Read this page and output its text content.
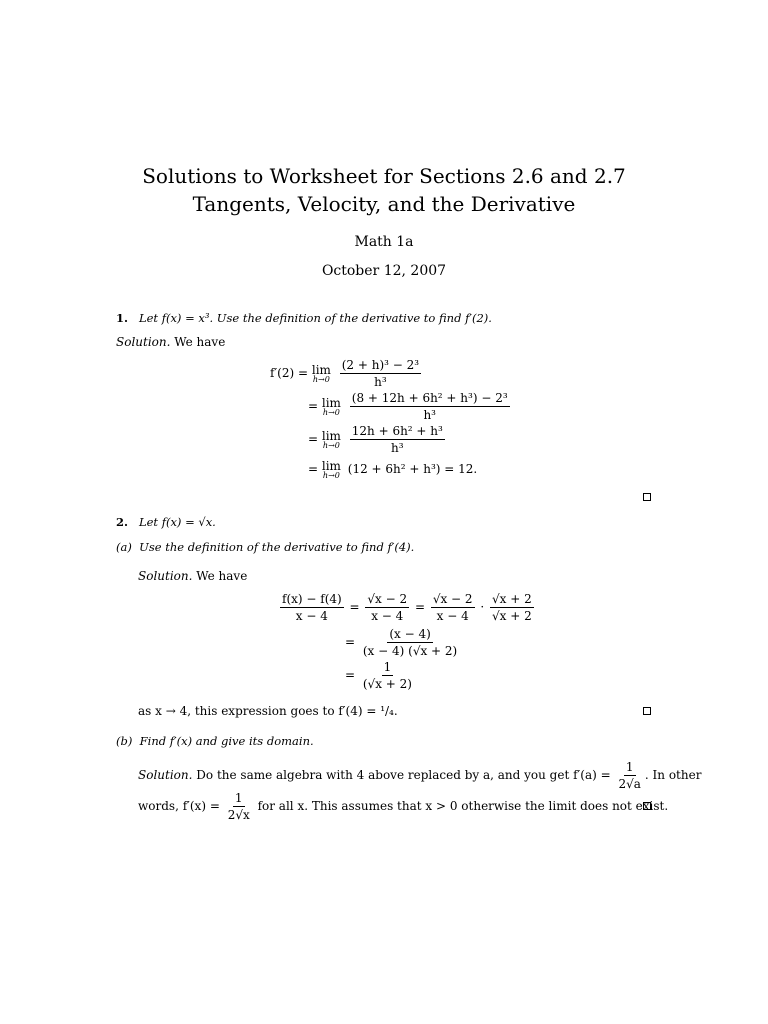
Solutions to Worksheet for Sections 2.6 and 2.7
Tangents, Velocity, and the Derivative
Math 1a
October 12, 2007
1. Let f(x) = x³. Use the definition of the derivative to find f′(2).
Solution. We have
f′(2) = lim
h→0
$\frac{\text{(2 + h)³ − 2³}}{\text{h³}}$
= lim
h→0
$\frac{\text{(8 + 12h + 6h² + h³) − 2³}}{\text{h³}}$
= lim
h→0
$\frac{\text{12h + 6h² + h³}}{\text{h³}}$
= lim
h→0 (12 + 6h² + h³) = 12.
2. Let f(x) = √x.
(a) Use the definition of the derivative to find f′(4).
Solution. We have
$\frac{f(x) - f(4)}{x - 4} = \frac{√x - 2}{x - 4} = \frac{√x - 2}{x - 4} \cdot \frac{√x + 2}{√x + 2}$
= $\frac{(x - 4)}{(x - 4) (√x + 2)}$
= $\frac{1}{(√x + 2)}$
as x → 4, this expression goes to f′(4) = ¹/₄.
(b) Find f′(x) and give its domain.
Solution. Do the same algebra with 4 above replaced by a, and you get $f'(a) = \frac{1}{2√a}$ . In other
words, $f'(x) = \frac{1}{2√x}$ for all x. This assumes that x > 0 otherwise the limit does not exist.
